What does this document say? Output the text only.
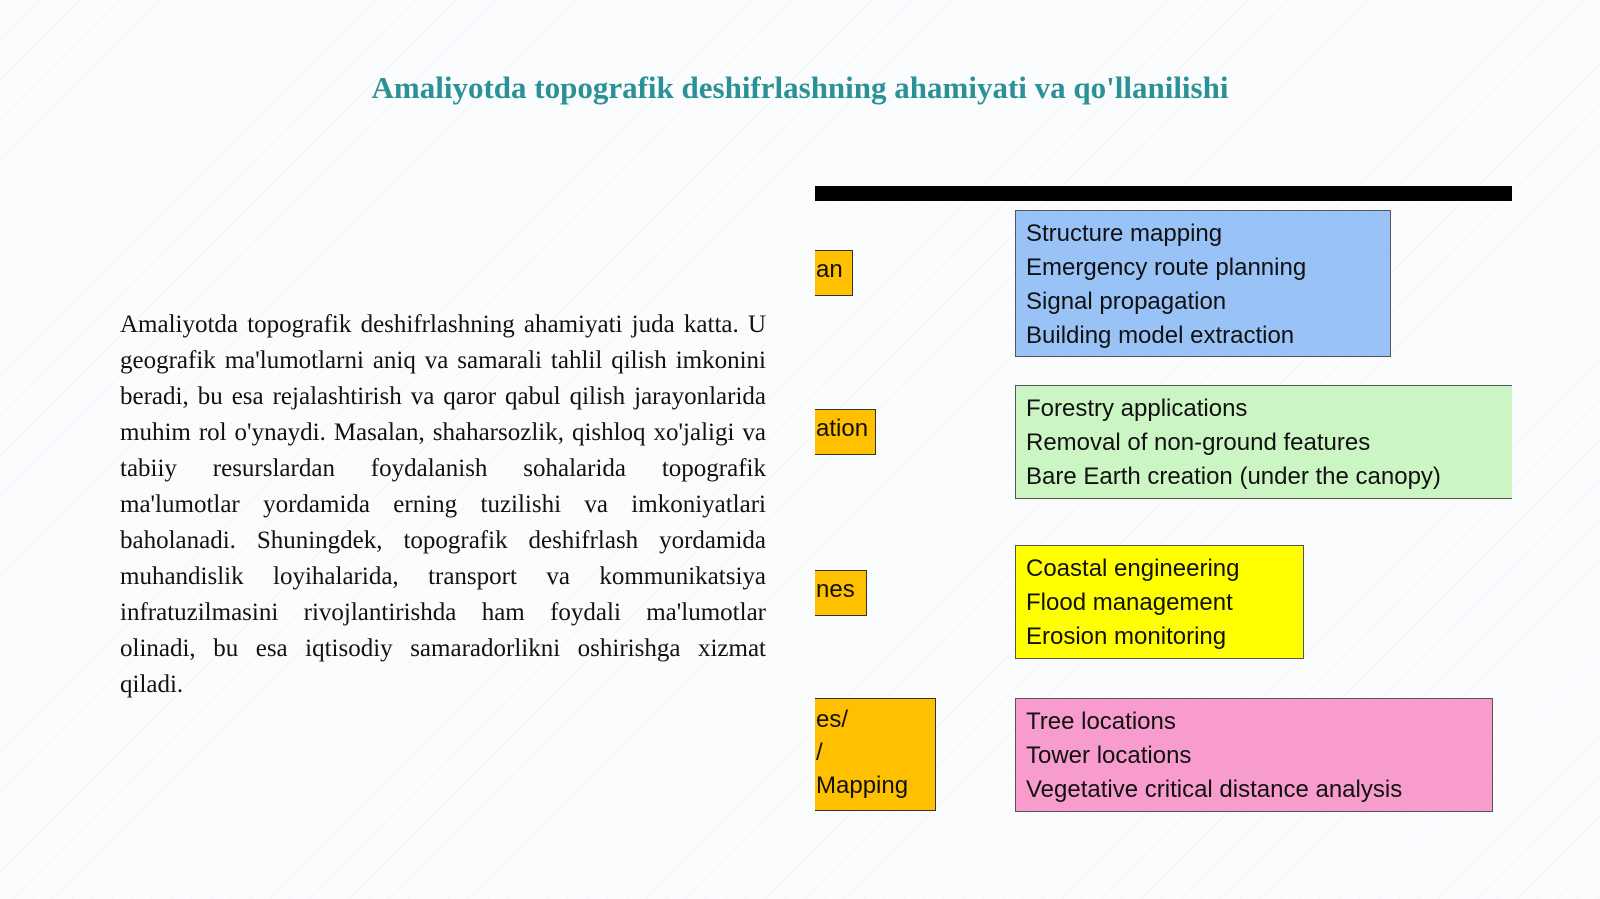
Amaliyotda topografik deshifrlashning ahamiyati va qo'llanilishi
Amaliyotda topografik deshifrlashning ahamiyati juda katta. U geografik ma'lumotlarni aniq va samarali tahlil qilish imkonini beradi, bu esa rejalashtirish va qaror qabul qilish jarayonlarida muhim rol o'ynaydi. Masalan, shaharsozlik, qishloq xo'jaligi va tabiiy resurslardan foydalanish sohalarida topografik ma'lumotlar yordamida erning tuzilishi va imkoniyatlari baholanadi. Shuningdek, topografik deshifrlash yordamida muhandislik loyihalarida, transport va kommunikatsiya infratuzilmasini rivojlantirishda ham foydali ma'lumotlar olinadi, bu esa iqtisodiy samaradorlikni oshirishga xizmat qiladi.
an
ation
nes
es/
/
Mapping
Structure mapping
Emergency route planning
Signal propagation
Building model extraction
Forestry applications
Removal of non-ground features
Bare Earth creation (under the canopy)
Coastal engineering
Flood management
Erosion monitoring
Tree locations
Tower locations
Vegetative critical distance analysis
